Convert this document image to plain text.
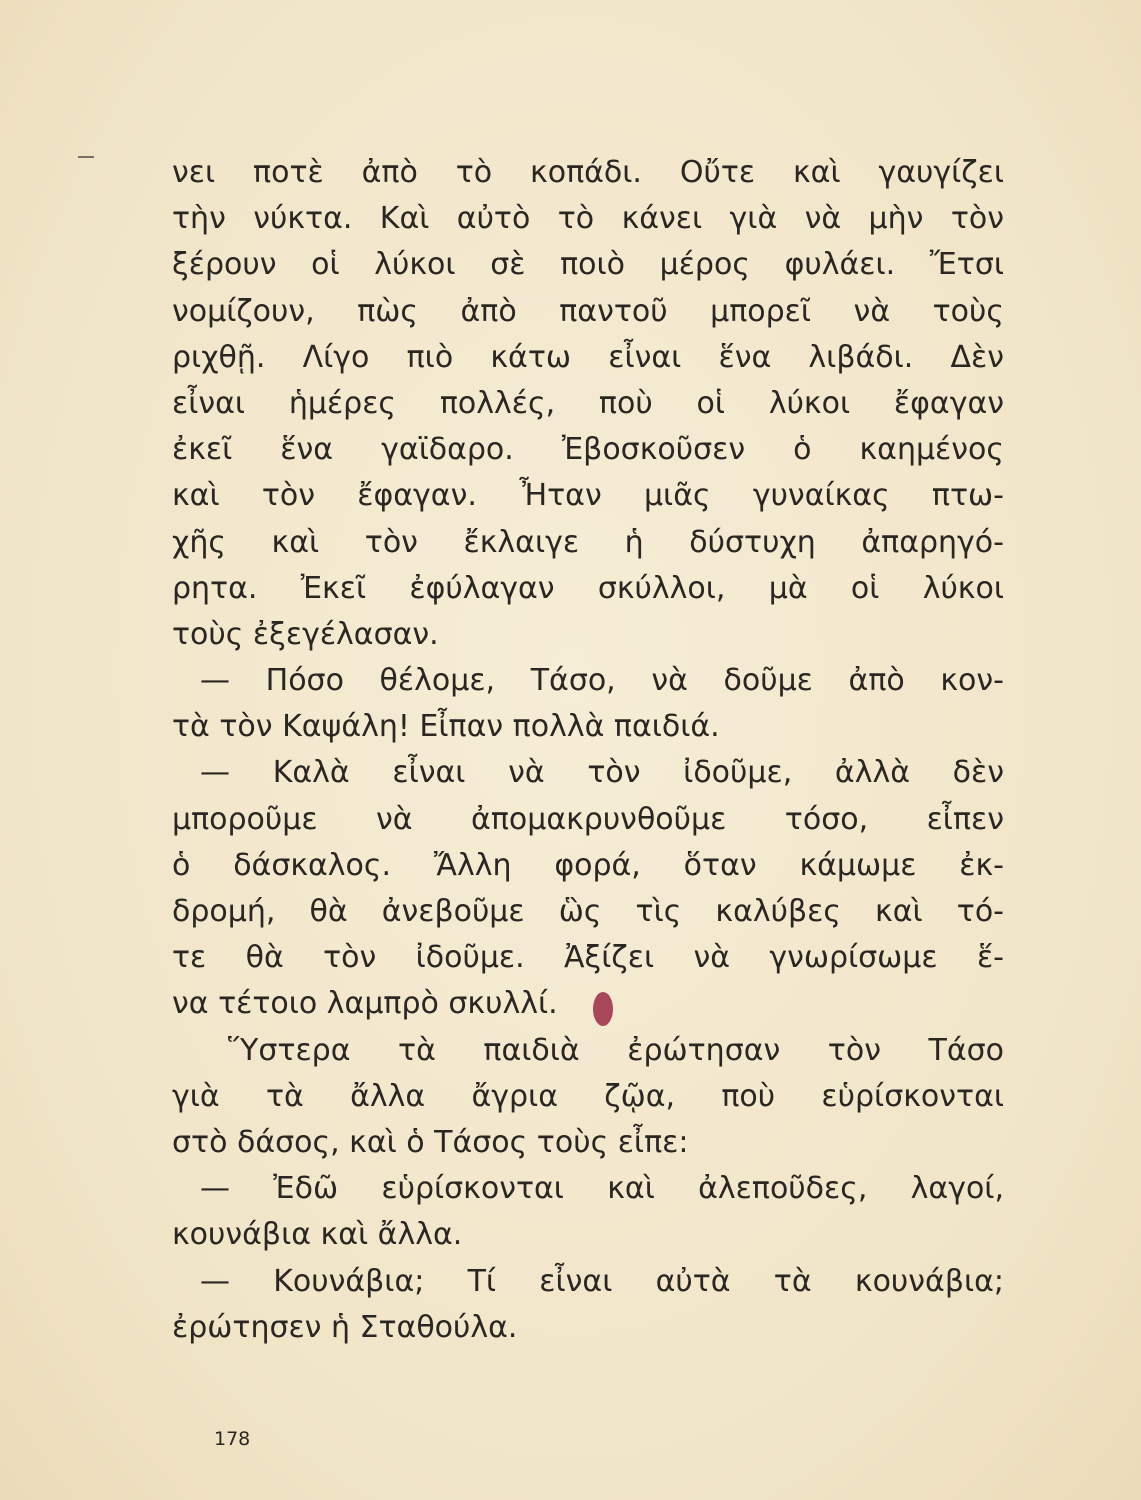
νει ποτὲ ἀπὸ τὸ κοπάδι. Οὔτε καὶ γαυγίζει
τὴν νύκτα. Καὶ αὐτὸ τὸ κάνει γιὰ νὰ μὴν τὸν
ξέρουν οἱ λύκοι σὲ ποιὸ μέρος φυλάει. Ἔτσι
νομίζουν, πὼς ἀπὸ παντοῦ μπορεῖ νὰ τοὺς
ριχθῇ. Λίγο πιὸ κάτω εἶναι ἕνα λιβάδι. Δὲν
εἶναι ἡμέρες πολλές, ποὺ οἱ λύκοι ἔφαγαν
ἐκεῖ ἕνα γαϊδαρο. Ἐβοσκοῦσεν ὁ καημένος
καὶ τὸν ἔφαγαν. Ἦταν μιᾶς γυναίκας πτω-
χῆς καὶ τὸν ἔκλαιγε ἡ δύστυχη ἀπαρηγό-
ρητα. Ἐκεῖ ἐφύλαγαν σκύλλοι, μὰ οἱ λύκοι
τοὺς ἐξεγέλασαν.
— Πόσο θέλομε, Τάσο, νὰ δοῦμε ἀπὸ κον-
τὰ τὸν Καψάλη! Εἶπαν πολλὰ παιδιά.
— Καλὰ εἶναι νὰ τὸν ἰδοῦμε, ἀλλὰ δὲν
μποροῦμε νὰ ἀπομακρυνθοῦμε τόσο, εἶπεν
ὁ δάσκαλος. Ἄλλη φορά, ὅταν κάμωμε ἐκ-
δρομή, θὰ ἀνεβοῦμε ὣς τὶς καλύβες καὶ τό-
τε θὰ τὸν ἰδοῦμε. Ἀξίζει νὰ γνωρίσωμε ἕ-
να τέτοιο λαμπρὸ σκυλλί.
Ὕστερα τὰ παιδιὰ ἐρώτησαν τὸν Τάσο
γιὰ τὰ ἄλλα ἄγρια ζῷα, ποὺ εὑρίσκονται
στὸ δάσος, καὶ ὁ Τάσος τοὺς εἶπε:
— Ἐδῶ εὑρίσκονται καὶ ἀλεποῦδες, λαγοί,
κουνάβια καὶ ἄλλα.
— Κουνάβια; Τί εἶναι αὐτὰ τὰ κουνάβια;
ἐρώτησεν ἡ Σταθούλα.
178
